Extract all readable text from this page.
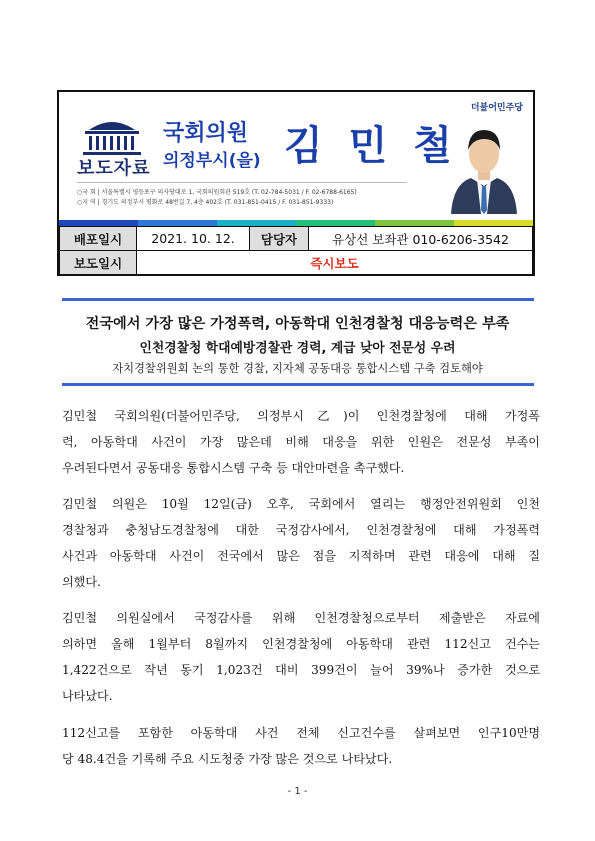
보도자료
국회의원
의정부시(을) 김 민 철
더불어민주당
○국 회 | 서울특별시 영등포구 의사당대로 1, 국회의원회관 519호 (T. 02-784-5031 / F. 02-6788-6165)
○지 역 | 경기도 의정부시 평화로 48번길 7, 4층 402호 (T. 031-851-0415 / F. 031-851-9333)
배포일시	2021. 10. 12.	담당자	유상선 보좌관 010-6206-3542
보도일시	즉시보도		
전국에서 가장 많은 가정폭력, 아동학대 인천경찰청 대응능력은 부족
인천경찰청 학대예방경찰관 경력, 계급 낮아 전문성 우려
자치경찰위원회 논의 통한 경찰, 지자체 공동대응 통합시스템 구축 검토해야
김민철 국회의원(더불어민주당, 의정부시乙)이 인천경찰청에 대해 가정폭
력, 아동학대 사건이 가장 많은데 비해 대응을 위한 인원은 전문성 부족이
우려된다면서 공동대응 통합시스템 구축 등 대안마련을 촉구했다.
김민철 의원은 10월 12일(금) 오후, 국회에서 열리는 행정안전위원회 인천
경찰청과 충청남도경찰청에 대한 국정감사에서, 인천경찰청에 대해 가정폭력
사건과 아동학대 사건이 전국에서 많은 점을 지적하며 관련 대응에 대해 질
의했다.
김민철 의원실에서 국정감사를 위해 인천경찰청으로부터 제출받은 자료에
의하면 올해 1월부터 8월까지 인천경찰청에 아동학대 관련 112신고 건수는
1,422건으로 작년 동기 1,023건 대비 399건이 늘어 39%나 증가한 것으로
나타났다.
112신고를 포함한 아동학대 사건 전체 신고건수를 살펴보면 인구10만명
당 48.4건을 기록해 주요 시도청중 가장 많은 것으로 나타났다.
- 1 -
